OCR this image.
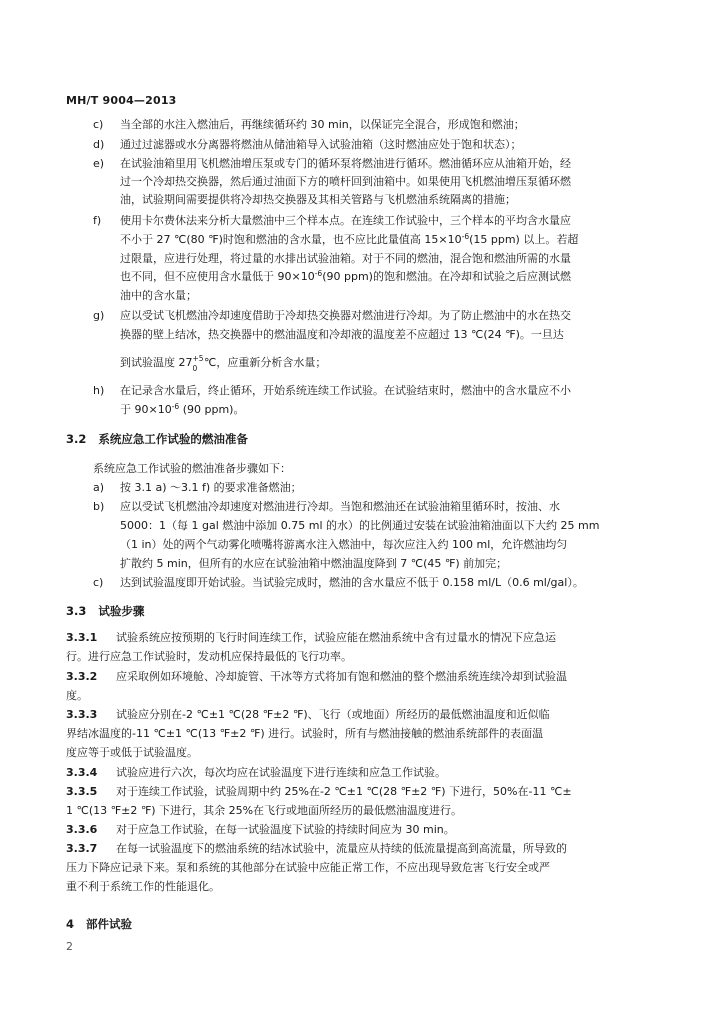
MH/T 9004—2013
c) 当全部的水注入燃油后，再继续循环约 30 min，以保证完全混合，形成饱和燃油；
d) 通过过滤器或水分离器将燃油从储油箱导入试验油箱（这时燃油应处于饱和状态）；
e) 在试验油箱里用飞机燃油增压泵或专门的循环泵将燃油进行循环。燃油循环应从油箱开始，经
过一个冷却热交换器，然后通过油面下方的喷杆回到油箱中。如果使用飞机燃油增压泵循环燃
油，试验期间需要提供将冷却热交换器及其相关管路与飞机燃油系统隔离的措施；
f) 使用卡尔费休法来分析大量燃油中三个样本点。在连续工作试验中，三个样本的平均含水量应
不小于 27 ℃(80 ℉)时饱和燃油的含水量，也不应比此量值高 $15\times 10^{-6}(15$ ppm) 以上。若超
过限量，应进行处理，将过量的水排出试验油箱。对于不同的燃油，混合饱和燃油所需的水量
也不同，但不应使用含水量低于 $90\times 10^{-6}(90$ ppm)的饱和燃油。在冷却和试验之后应测试燃
油中的含水量；
g) 应以受试飞机燃油冷却速度借助于冷却热交换器对燃油进行冷却。为了防止燃油中的水在热交
换器的壁上结冰，热交换器中的燃油温度和冷却液的温度差不应超过 13 ℃(24 ℉)。一旦达
到试验温度 27 +5
0 ℃，应重新分析含水量；
h) 在记录含水量后，终止循环，开始系统连续工作试验。在试验结束时，燃油中的含水量应不小
于 $90\times 10^{-6}$ (90 ppm)。
3.2 系统应急工作试验的燃油准备
系统应急工作试验的燃油准备步骤如下：
a) 按 3.1 a) ～3.1 f) 的要求准备燃油；
b) 应以受试飞机燃油冷却速度对燃油进行冷却。当饱和燃油还在试验油箱里循环时，按油、水
5000：1（每 1 gal 燃油中添加 0.75 ml 的水）的比例通过安装在试验油箱油面以下大约 25 mm
（1 in）处的两个气动雾化喷嘴将游离水注入燃油中，每次应注入约 100 ml，允许燃油均匀
扩散约 5 min，但所有的水应在试验油箱中燃油温度降到 7 ℃(45 ℉) 前加完；
c) 达到试验温度即开始试验。当试验完成时，燃油的含水量应不低于 0.158 ml/L（0.6 ml/gal）。
3.3 试验步骤
3.3.1 试验系统应按预期的飞行时间连续工作，试验应能在燃油系统中含有过量水的情况下应急运
行。进行应急工作试验时，发动机应保持最低的飞行功率。
3.3.2 应采取例如环境舱、冷却旋管、干冰等方式将加有饱和燃油的整个燃油系统连续冷却到试验温
度。
3.3.3 试验应分别在-2 ℃±1 ℃(28 ℉±2 ℉)、飞行（或地面）所经历的最低燃油温度和近似临
界结冰温度的-11 ℃±1 ℃(13 ℉±2 ℉) 进行。试验时，所有与燃油接触的燃油系统部件的表面温
度应等于或低于试验温度。
3.3.4 试验应进行六次，每次均应在试验温度下进行连续和应急工作试验。
3.3.5 对于连续工作试验，试验周期中约 25%在-2 ℃±1 ℃(28 ℉±2 ℉) 下进行，50%在-11 ℃±
1 ℃(13 ℉±2 ℉) 下进行，其余 25%在飞行或地面所经历的最低燃油温度进行。
3.3.6 对于应急工作试验，在每一试验温度下试验的持续时间应为 30 min。
3.3.7 在每一试验温度下的燃油系统的结冰试验中，流量应从持续的低流量提高到高流量，所导致的
压力下降应记录下来。泵和系统的其他部分在试验中应能正常工作，不应出现导致危害飞行安全或严
重不利于系统工作的性能退化。
4 部件试验
2
